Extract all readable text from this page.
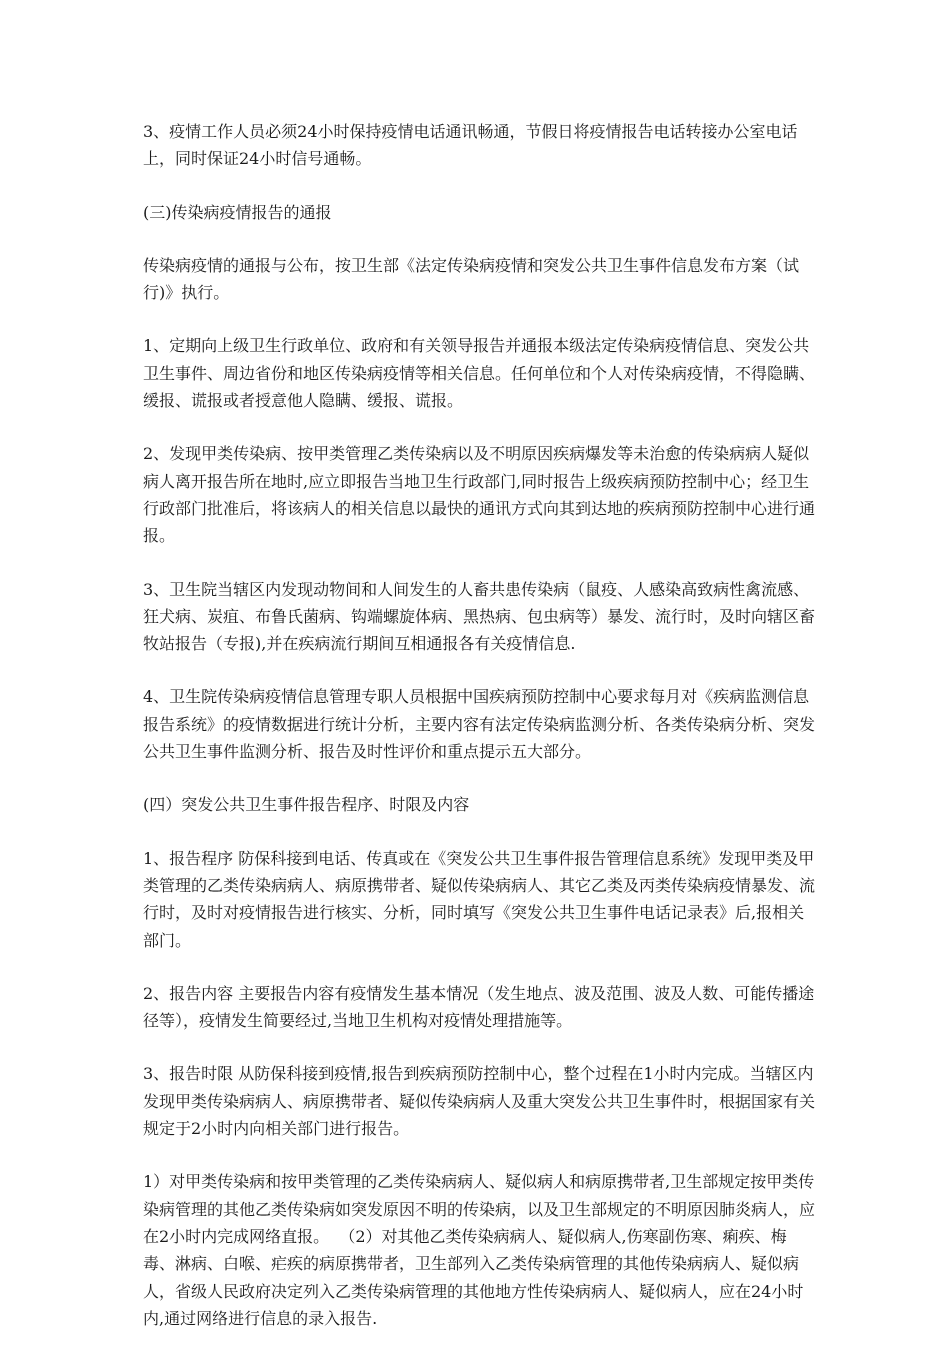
3、疫情工作人员必须24小时保持疫情电话通讯畅通，节假日将疫情报告电话转接办公室电话上，同时保证24小时信号通畅。

(三)传染病疫情报告的通报

传染病疫情的通报与公布，按卫生部《法定传染病疫情和突发公共卫生事件信息发布方案（试行)》执行。

1、定期向上级卫生行政单位、政府和有关领导报告并通报本级法定传染病疫情信息、突发公共卫生事件、周边省份和地区传染病疫情等相关信息。任何单位和个人对传染病疫情，不得隐瞒、缓报、谎报或者授意他人隐瞒、缓报、谎报。

2、发现甲类传染病、按甲类管理乙类传染病以及不明原因疾病爆发等未治愈的传染病病人疑似病人离开报告所在地时,应立即报告当地卫生行政部门,同时报告上级疾病预防控制中心；经卫生行政部门批准后，将该病人的相关信息以最快的通讯方式向其到达地的疾病预防控制中心进行通报。

3、卫生院当辖区内发现动物间和人间发生的人畜共患传染病（鼠疫、人感染高致病性禽流感、狂犬病、炭疽、布鲁氏菌病、钩端螺旋体病、黑热病、包虫病等）暴发、流行时，及时向辖区畜牧站报告（专报),并在疾病流行期间互相通报各有关疫情信息.

4、卫生院传染病疫情信息管理专职人员根据中国疾病预防控制中心要求每月对《疾病监测信息报告系统》的疫情数据进行统计分析，主要内容有法定传染病监测分析、各类传染病分析、突发公共卫生事件监测分析、报告及时性评价和重点提示五大部分。

(四）突发公共卫生事件报告程序、时限及内容

1、报告程序 防保科接到电话、传真或在《突发公共卫生事件报告管理信息系统》发现甲类及甲类管理的乙类传染病病人、病原携带者、疑似传染病病人、其它乙类及丙类传染病疫情暴发、流行时，及时对疫情报告进行核实、分析，同时填写《突发公共卫生事件电话记录表》后,报相关部门。

2、报告内容 主要报告内容有疫情发生基本情况（发生地点、波及范围、波及人数、可能传播途径等），疫情发生简要经过,当地卫生机构对疫情处理措施等。

3、报告时限 从防保科接到疫情,报告到疾病预防控制中心，整个过程在1小时内完成。当辖区内发现甲类传染病病人、病原携带者、疑似传染病病人及重大突发公共卫生事件时，根据国家有关规定于2小时内向相关部门进行报告。

1）对甲类传染病和按甲类管理的乙类传染病病人、疑似病人和病原携带者,卫生部规定按甲类传染病管理的其他乙类传染病如突发原因不明的传染病，以及卫生部规定的不明原因肺炎病人，应在2小时内完成网络直报。  （2）对其他乙类传染病病人、疑似病人,伤寒副伤寒、痢疾、梅毒、淋病、白喉、疟疾的病原携带者，卫生部列入乙类传染病管理的其他传染病病人、疑似病人，省级人民政府决定列入乙类传染病管理的其他地方性传染病病人、疑似病人，应在24小时内,通过网络进行信息的录入报告.
